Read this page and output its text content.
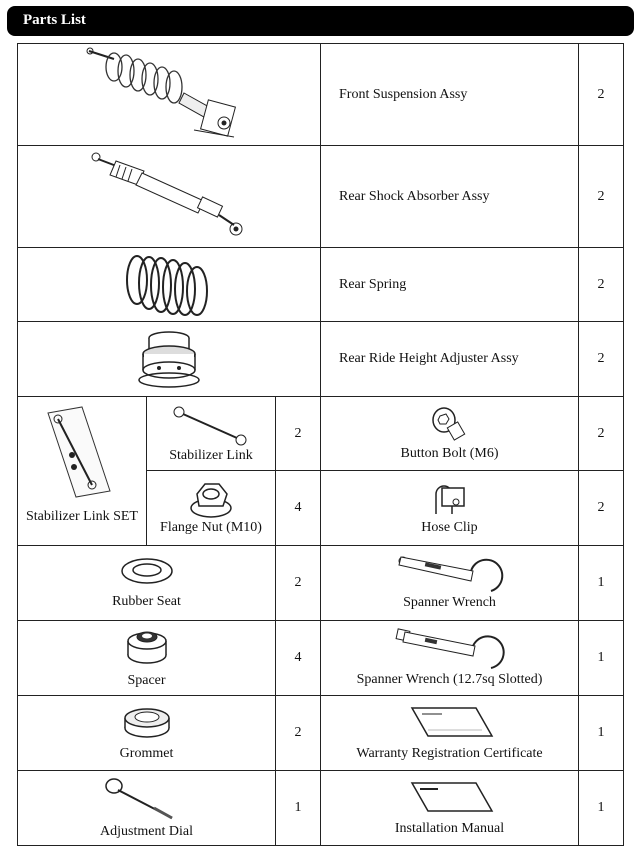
Parts List
	Front Suspension Assy	2

	Rear Shock Absorber Assy	2

	Rear Spring	2

	Rear Ride Height Adjuster Assy	2

Stabilizer Link SET	Stabilizer Link	2	Button Bolt (M6)	2

	Flange Nut (M10)	4	Hose Clip	2

Rubber Seat		2	Spanner Wrench	1

Spacer		4	Spanner Wrench (12.7sq Slotted)	1

Grommet		2	Warranty Registration Certificate	1

Adjustment Dial		1	Installation Manual	1
